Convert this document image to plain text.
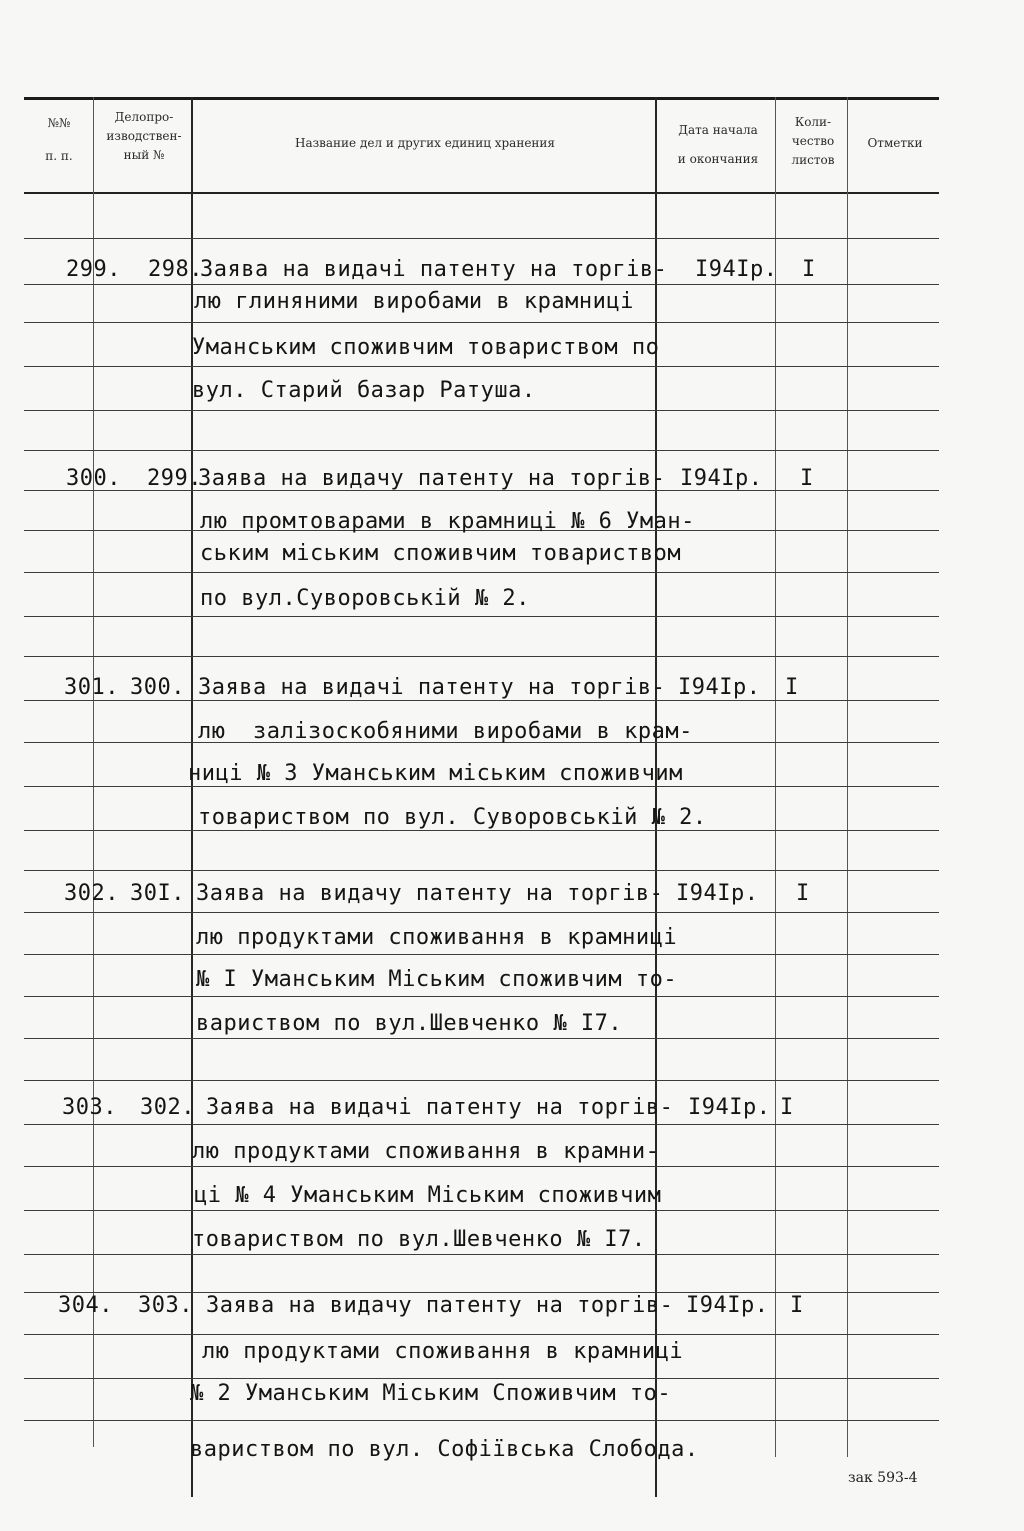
№№
п. п.
Делопро-
изводствен-
ный №
Название дел и других единиц хранения
Дата начала
и окончания
Коли-
чество
листов
Отметки
299. 298.
Заява на видачі патенту на торгів-
лю глиняними виробами в крамниці
Уманським споживчим товариством по
вул. Старий базар Ратуша.
I94Iр. I
300. 299.
Заява на видачу патенту на торгів-
лю промтоварами в крамниці № 6 Уман-
ським міським споживчим товариством
по вул.Суворовській № 2.
I94Iр. I
301. 300. Заява на видачі патенту на торгів-
лю  залізоскобяними виробами в крам-
ниці № 3 Уманським міським споживчим
товариством по вул. Суворовській № 2.
I94Iр. I
302. 30I. Заява на видачу патенту на торгів-
лю продуктами споживання в крамниці
№ I Уманським Міським споживчим то-
вариством по вул.Шевченко № I7.
I94Iр. I
303. 302. Заява на видачі патенту на торгів-
лю продуктами споживання в крамни-
ці № 4 Уманським Міським споживчим
товариством по вул.Шевченко № I7.
I94Iр. I
304. 303. Заява на видачу патенту на торгів-
лю продуктами споживання в крамниці
№ 2 Уманським Міським Споживчим то-
вариством по вул. Софіївська Слобода.
I94Iр. I
зак 593-4
